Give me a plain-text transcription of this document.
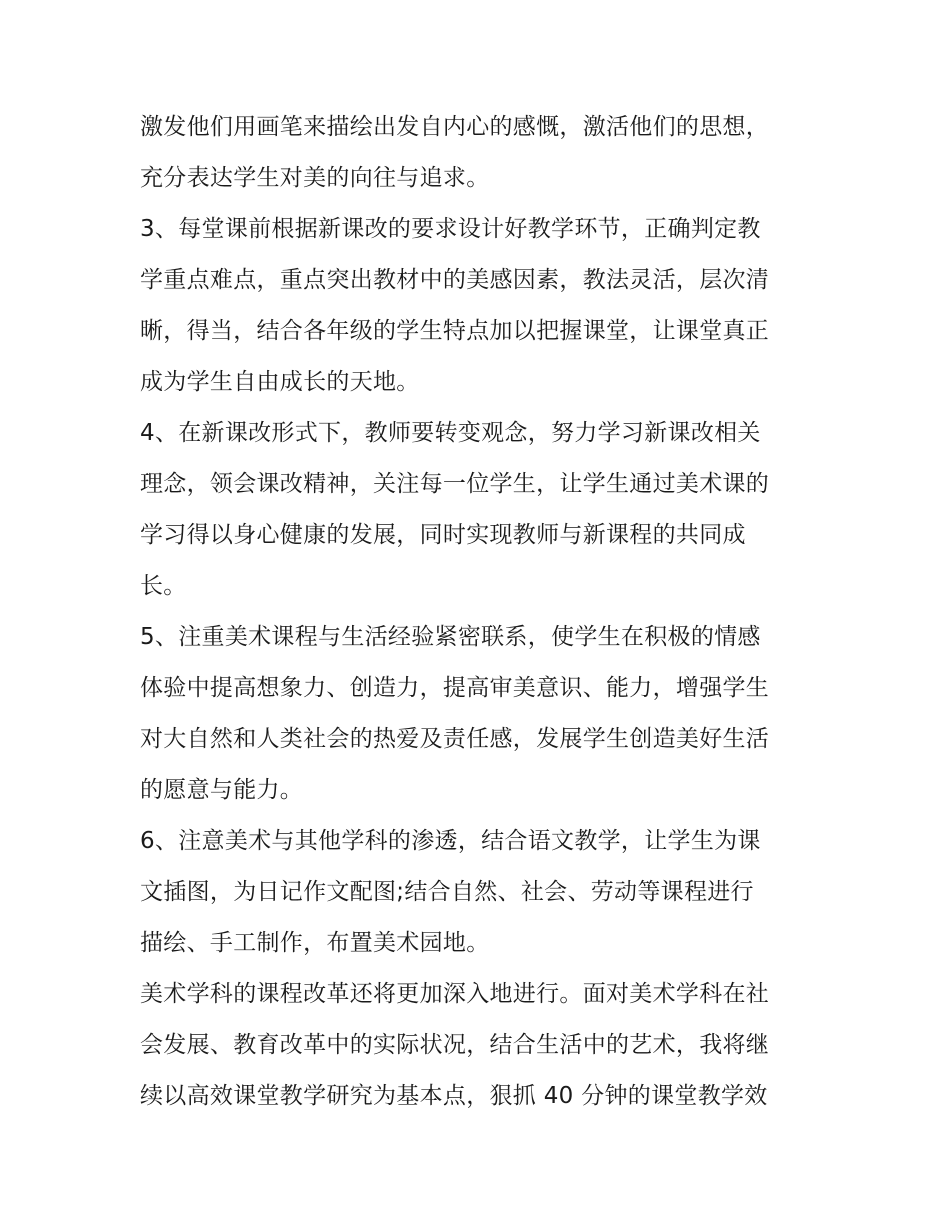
激发他们用画笔来描绘出发自内心的感慨，激活他们的思想，
充分表达学生对美的向往与追求。
3、每堂课前根据新课改的要求设计好教学环节，正确判定教
学重点难点，重点突出教材中的美感因素，教法灵活，层次清
晰，得当，结合各年级的学生特点加以把握课堂，让课堂真正
成为学生自由成长的天地。
4、在新课改形式下，教师要转变观念，努力学习新课改相关
理念，领会课改精神，关注每一位学生，让学生通过美术课的
学习得以身心健康的发展，同时实现教师与新课程的共同成
长。
5、注重美术课程与生活经验紧密联系，使学生在积极的情感
体验中提高想象力、创造力，提高审美意识、能力，增强学生
对大自然和人类社会的热爱及责任感，发展学生创造美好生活
的愿意与能力。
6、注意美术与其他学科的渗透，结合语文教学，让学生为课
文插图，为日记作文配图;结合自然、社会、劳动等课程进行
描绘、手工制作，布置美术园地。
美术学科的课程改革还将更加深入地进行。面对美术学科在社
会发展、教育改革中的实际状况，结合生活中的艺术，我将继
续以高效课堂教学研究为基本点，狠抓 40 分钟的课堂教学效
